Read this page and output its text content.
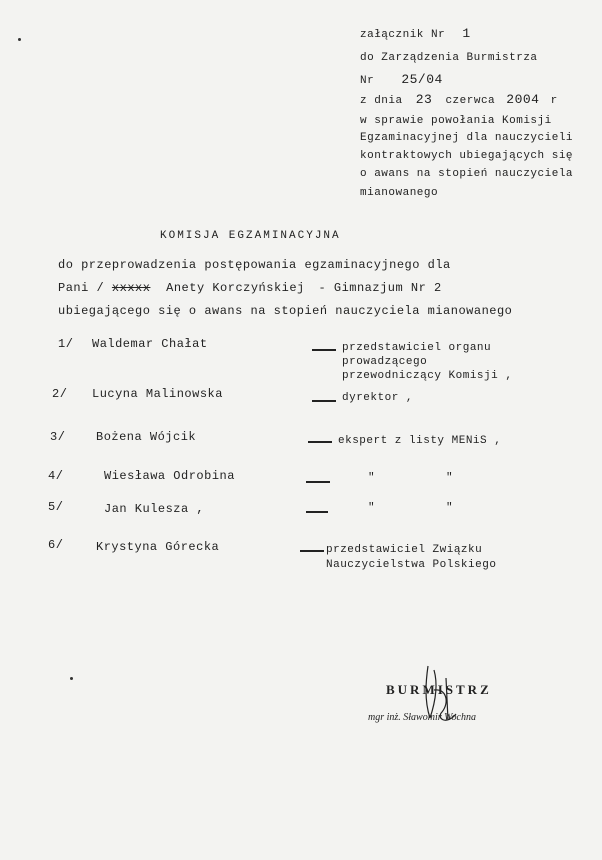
załącznik Nr 1
do Zarządzenia Burmistrza
Nr 25/04
z dnia 23 czerwca 2004 r
w sprawie powołania Komisji
Egzaminacyjnej dla nauczycieli
kontraktowych ubiegających się
o awans na stopień nauczyciela
mianowanego
KOMISJA EGZAMINACYJNA
do przeprowadzenia postępowania egzaminacyjnego dla
Pani / xxxxx Anety Korczyńskiej - Gimnazjum Nr 2
ubiegającego się o awans na stopień nauczyciela mianowanego
1/ Waldemar Chałat	przedstawiciel organu
prowadzącego
przewodniczący Komisji ,
2/ Lucyna Malinowska	dyrektor ,
3/	Bożena Wójcik	ekspert z listy MENiS ,
4/	Wiesława Odrobina	"	"
5/	Jan Kulesza ,	"	"
6/	Krystyna Górecka	przedstawiciel Związku
Nauczycielstwa Polskiego
BURMISTRZ
mgr inż. Sławomir Wochna
